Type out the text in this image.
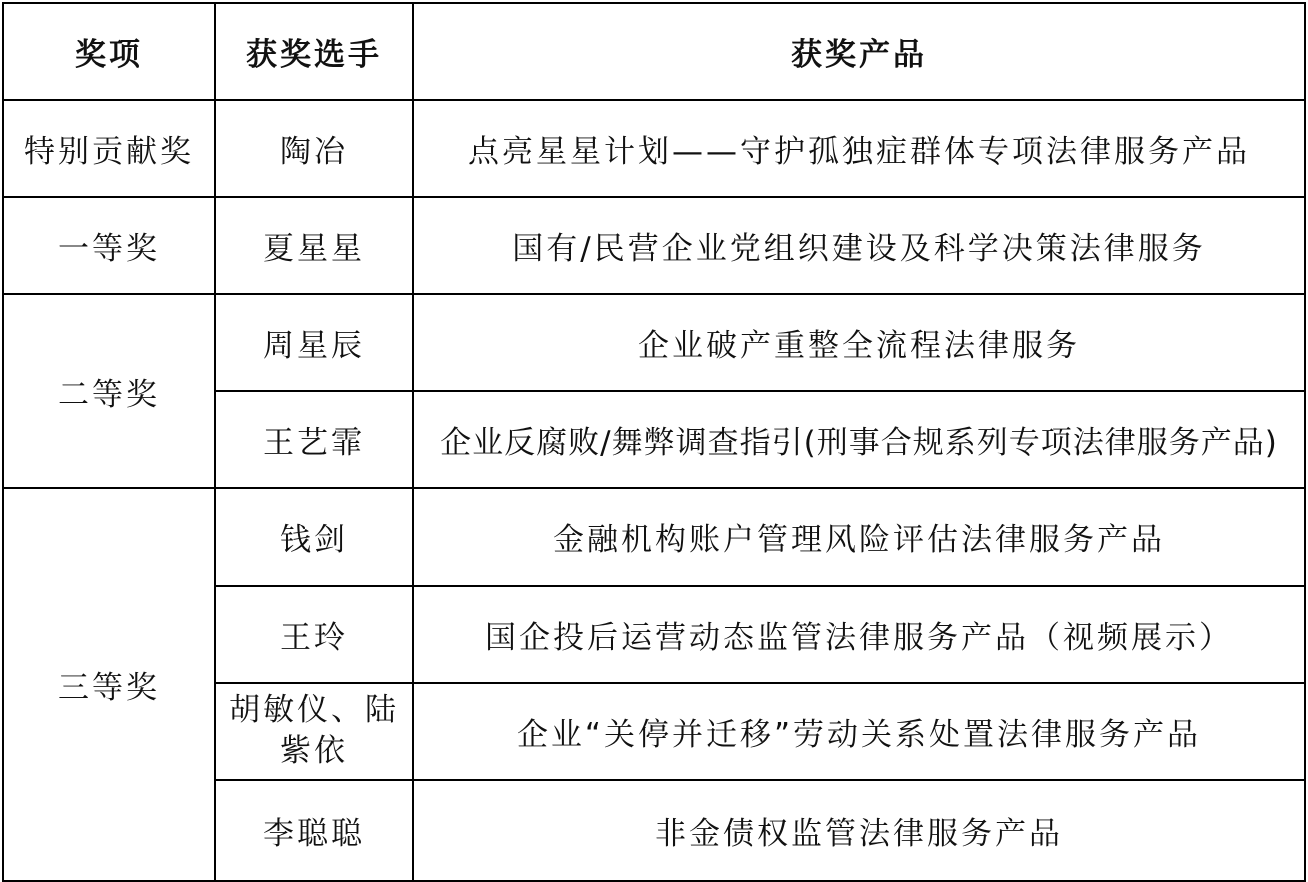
奖项	获奖选手	获奖产品
特别贡献奖	陶冶	点亮星星计划——守护孤独症群体专项法律服务产品
一等奖	夏星星	国有/民营企业党组织建设及科学决策法律服务
二等奖	周星辰	企业破产重整全流程法律服务
	王艺霏	企业反腐败/舞弊调查指引(刑事合规系列专项法律服务产品)
三等奖	钱剑	金融机构账户管理风险评估法律服务产品
	王玲	国企投后运营动态监管法律服务产品（视频展示）
	胡敏仪、陆紫依	企业“关停并迁移”劳动关系处置法律服务产品
	李聪聪	非金债权监管法律服务产品
